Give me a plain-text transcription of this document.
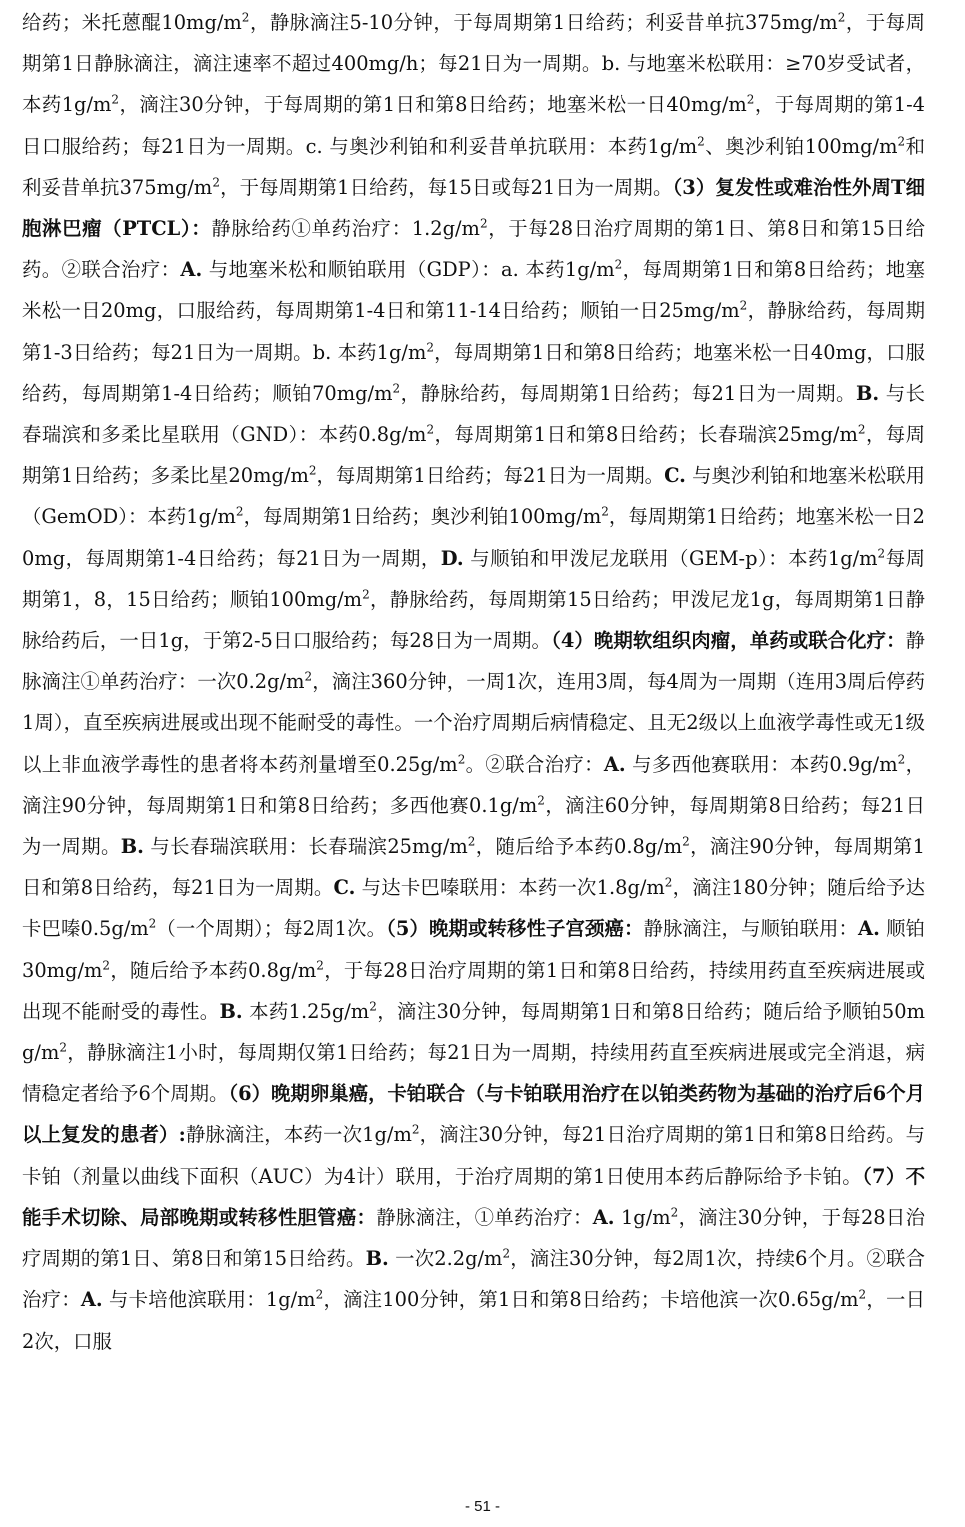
给药；米托蒽醌$10mg/m^2$，静脉滴注5-10分钟，于每周期第1日给药；利妥昔单抗$375mg/m^2$，于每周期第1日静脉滴注，滴注速率不超过400mg/h；每21日为一周期。b. 与地塞米松联用：≥70岁受试者，本药$1g/m^2$，滴注30分钟，于每周期的第1日和第8日给药；地塞米松一日$40mg/m^2$，于每周期的第1-4日口服给药；每21日为一周期。c. 与奥沙利铂和利妥昔单抗联用：本药$1g/m^2$、奥沙利铂$100mg/m^2$和利妥昔单抗$375mg/m^2$，于每周期第1日给药，每15日或每21日为一周期。（3）复发性或难治性外周T细胞淋巴瘤（PTCL）：静脉给药①单药治疗：$1.2g/m^2$，于每28日治疗周期的第1日、第8日和第15日给药。②联合治疗：A. 与地塞米松和顺铂联用（GDP）：a. 本药$1g/m^2$，每周期第1日和第8日给药；地塞米松一日20mg，口服给药，每周期第1-4日和第11-14日给药；顺铂一日$25mg/m^2$，静脉给药，每周期第1-3日给药；每21日为一周期。b. 本药$1g/m^2$，每周期第1日和第8日给药；地塞米松一日40mg，口服给药，每周期第1-4日给药；顺铂$70mg/m^2$，静脉给药，每周期第1日给药；每21日为一周期。B. 与长春瑞滨和多柔比星联用（GND）：本药$0.8g/m^2$，每周期第1日和第8日给药；长春瑞滨$25mg/m^2$，每周期第1日给药；多柔比星$20mg/m^2$，每周期第1日给药；每21日为一周期。C. 与奥沙利铂和地塞米松联用（GemOD）：本药$1g/m^2$，每周期第1日给药；奥沙利铂$100mg/m^2$，每周期第1日给药；地塞米松一日20mg，每周期第1-4日给药；每21日为一周期，D. 与顺铂和甲泼尼龙联用（GEM-p）：本药$1g/m^2$每周期第1，8，15日给药；顺铂$100mg/m^2$，静脉给药，每周期第15日给药；甲泼尼龙1g，每周期第1日静脉给药后，一日1g，于第2-5日口服给药；每28日为一周期。（4）晚期软组织肉瘤，单药或联合化疗：静脉滴注①单药治疗：一次$0.2g/m^2$，滴注360分钟，一周1次，连用3周，每4周为一周期（连用3周后停药1周），直至疾病进展或出现不能耐受的毒性。一个治疗周期后病情稳定、且无2级以上血液学毒性或无1级以上非血液学毒性的患者将本药剂量增至$0.25g/m^2$。②联合治疗：A. 与多西他赛联用：本药$0.9g/m^2$，滴注90分钟，每周期第1日和第8日给药；多西他赛$0.1g/m^2$，滴注60分钟，每周期第8日给药；每21日为一周期。B. 与长春瑞滨联用：长春瑞滨$25mg/m^2$，随后给予本药$0.8g/m^2$，滴注90分钟，每周期第1日和第8日给药，每21日为一周期。C. 与达卡巴嗪联用：本药一次$1.8g/m^2$，滴注180分钟；随后给予达卡巴嗪$0.5g/m^2$（一个周期）；每2周1次。（5）晚期或转移性子宫颈癌：静脉滴注，与顺铂联用：A. 顺铂$30mg/m^2$，随后给予本药$0.8g/m^2$，于每28日治疗周期的第1日和第8日给药，持续用药直至疾病进展或出现不能耐受的毒性。B. 本药$1.25g/m^2$，滴注30分钟，每周期第1日和第8日给药；随后给予顺铂$50mg/m^2$，静脉滴注1小时，每周期仅第1日给药；每21日为一周期，持续用药直至疾病进展或完全消退，病情稳定者给予6个周期。（6）晚期卵巢癌，卡铂联合（与卡铂联用治疗在以铂类药物为基础的治疗后6个月以上复发的患者）:静脉滴注，本药一次$1g/m^2$，滴注30分钟，每21日治疗周期的第1日和第8日给药。与卡铂（剂量以曲线下面积（AUC）为4计）联用，于治疗周期的第1日使用本药后静际给予卡铂。（7）不能手术切除、局部晚期或转移性胆管癌：静脉滴注，①单药治疗：A. $1g/m^2$，滴注30分钟，于每28日治疗周期的第1日、第8日和第15日给药。B. 一次$2.2g/m^2$，滴注30分钟，每2周1次，持续6个月。②联合治疗：A. 与卡培他滨联用：$1g/m^2$，滴注100分钟，第1日和第8日给药；卡培他滨一次$0.65g/m^2$，一日2次，口服

- 51 -
